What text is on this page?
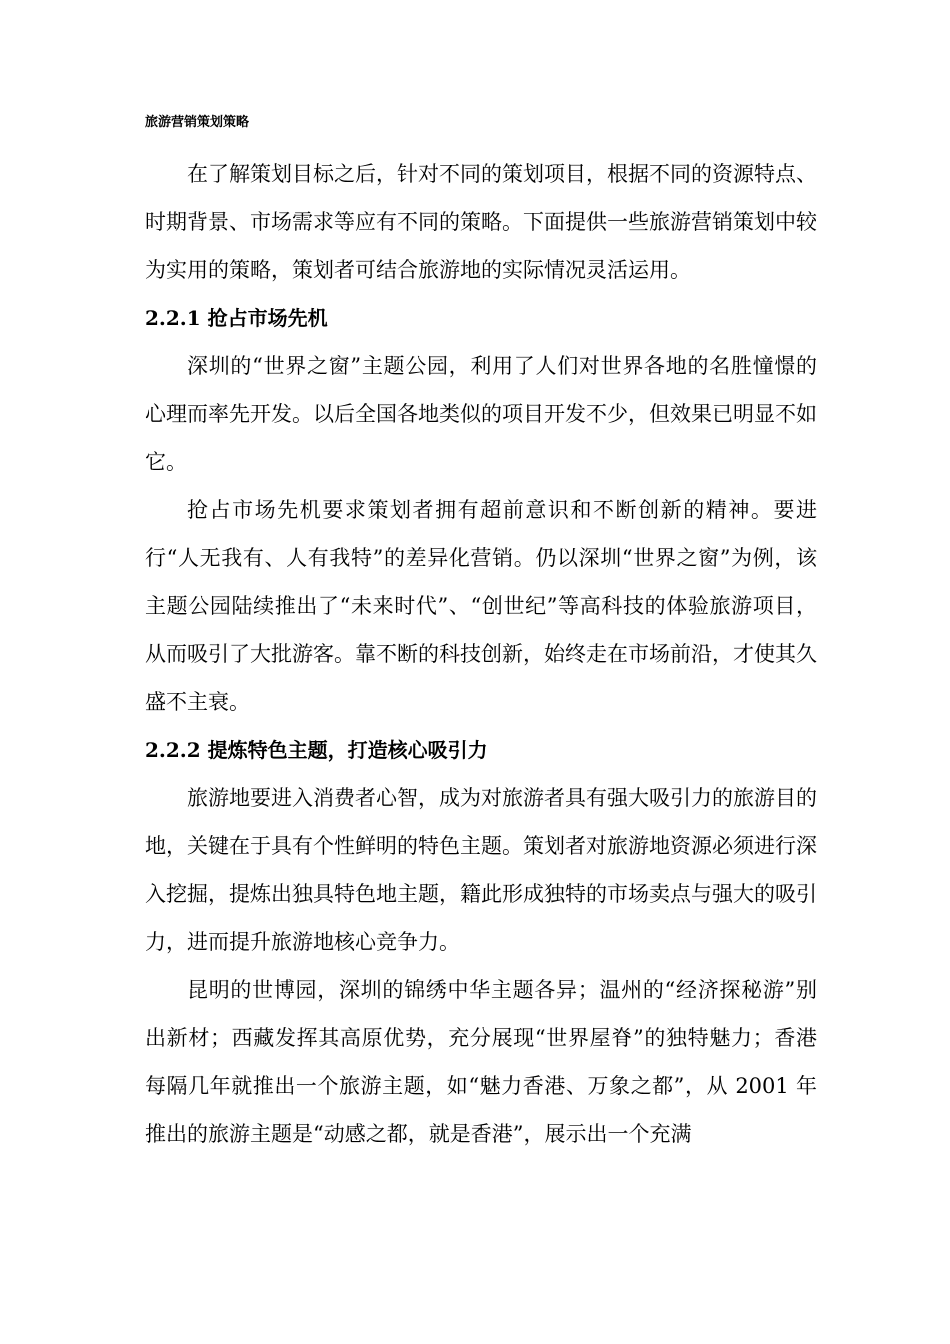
旅游营销策划策略

在了解策划目标之后，针对不同的策划项目，根据不同的资源特点、时期背景、市场需求等应有不同的策略。下面提供一些旅游营销策划中较为实用的策略，策划者可结合旅游地的实际情况灵活运用。

2.2.1 抢占市场先机

深圳的“世界之窗”主题公园，利用了人们对世界各地的名胜憧憬的心理而率先开发。以后全国各地类似的项目开发不少，但效果已明显不如它。

抢占市场先机要求策划者拥有超前意识和不断创新的精神。要进行“人无我有、人有我特”的差异化营销。仍以深圳“世界之窗”为例，该主题公园陆续推出了“未来时代”、“创世纪”等高科技的体验旅游项目，从而吸引了大批游客。靠不断的科技创新，始终走在市场前沿，才使其久盛不主衰。

2.2.2 提炼特色主题，打造核心吸引力

旅游地要进入消费者心智，成为对旅游者具有强大吸引力的旅游目的地，关键在于具有个性鲜明的特色主题。策划者对旅游地资源必须进行深入挖掘，提炼出独具特色地主题，籍此形成独特的市场卖点与强大的吸引力，进而提升旅游地核心竞争力。

昆明的世博园，深圳的锦绣中华主题各异；温州的“经济探秘游”别出新材；西藏发挥其高原优势，充分展现“世界屋脊”的独特魅力；香港每隔几年就推出一个旅游主题，如“魅力香港、万象之都”，从 2001 年推出的旅游主题是“动感之都，就是香港”，展示出一个充满
